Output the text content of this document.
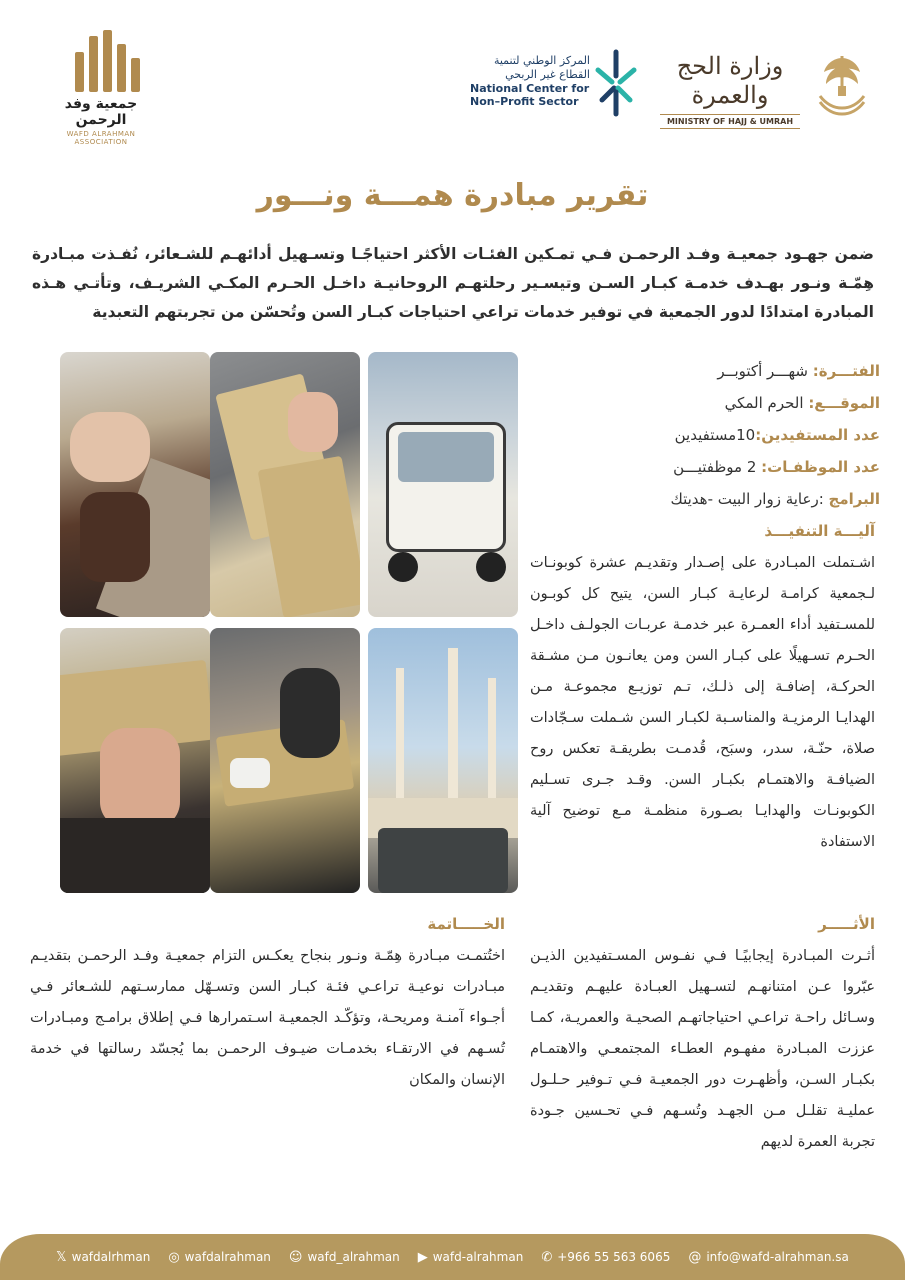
جمعية وفد الرحمن
WAFD ALRAHMAN ASSOCIATION
المركز الوطني لتنمية
القطاع غير الربحي
National Center for
Non–Profit Sector
وزارة الحج والعمرة
MINISTRY OF HAJJ & UMRAH
تقرير مبادرة همـــة ونـــور

ضمن جهـود جمعيـة وفـد الرحمـن فـي تمـكين الفئـات الأكثر احتياجًـا وتسـهيل أدائهـم للشـعائر، نُفـذت مبـادرة هِمّـة ونـور بهـدف خدمـة كبـار السـن وتيسـير رحلتهـم الروحانيـة داخـل الحـرم المكـي الشريـف، وتأتـي هـذه المبادرة امتدادًا لدور الجمعية في توفير خدمات تراعي احتياجات كبـار السن وتُحسّن من تجربتهم التعبدية

الفتـــرة: شهـــر أكتوبــر
الموقـــع: الحرم المكي
عدد المستفيدين:10مستفيدين
عدد الموظفـات: 2 موظفتيـــن
البرامج :رعاية زوار البيت -هديتك
آليـــة التنفيـــذ

اشـتملت المبـادرة على إصـدار وتقديـم عشرة كوبونـات لـجمعية كرامـة لرعايـة كبـار السن، يتيح كل كوبـون للمسـتفيد أداء العمـرة عبر خدمـة عربـات الجولـف داخـل الحـرم تسـهيلًا على كبـار السن ومن يعانـون مـن مشـقة الحركـة، إضافـة إلى ذلـك، تـم توزيـع مجموعـة مـن الهدايـا الرمزيـة والمناسـبة لكبـار السن شـملت سـجّادات صلاة، حنّـة، سدر، وسبَح، قُدمـت بطريقـة تعكس روح الضيافـة والاهتمـام بكبـار السن. وقـد جـرى تسـليم الكوبونـات والهدايـا بصـورة منظمـة مـع توضيح آلية الاستفادة

الأثـــــر

أثـرت المبـادرة إيجابيًـا فـي نفـوس المسـتفيدين الذيـن عبّروا عـن امتنانهـم لتسـهيل العبـادة عليهـم وتقديـم وسـائل راحـة تراعـي احتياجاتهـم الصحيـة والعمريـة، كمـا عززت المبـادرة مفهـوم العطـاء المجتمعـي والاهتمـام بكبـار السـن، وأظهـرت دور الجمعيـة فـي تـوفير حـلـول عمليـة تقلـل مـن الجهـد وتُسـهم فـي تحـسين جـودة تجربة العمرة لديهم

الخـــــاتمة

اختُتمـت مبـادرة هِمّـة ونـور بنجاح يعكـس التزام جمعيـة وفـد الرحمـن بتقديـم مبـادرات نوعيـة تراعـي فئـة كبـار السن وتسـهّل ممارسـتهم للشـعائر فـي أجـواء آمنـة ومريحـة، وتؤكّـد الجمعيـة اسـتمرارها فـي إطلاق برامـج ومبـادرات تُسـهم في الارتقـاء بخدمـات ضيـوف الرحمـن بما يُجسّد رسالتها في خدمة الإنسان والمكان

𝕏 wafdalrhman ◎ wafdalrahman ☺ wafd_alrahman ▶ wafd-alrahman ✆ +966 55 563 6065 @ info@wafd-alrahman.sa
